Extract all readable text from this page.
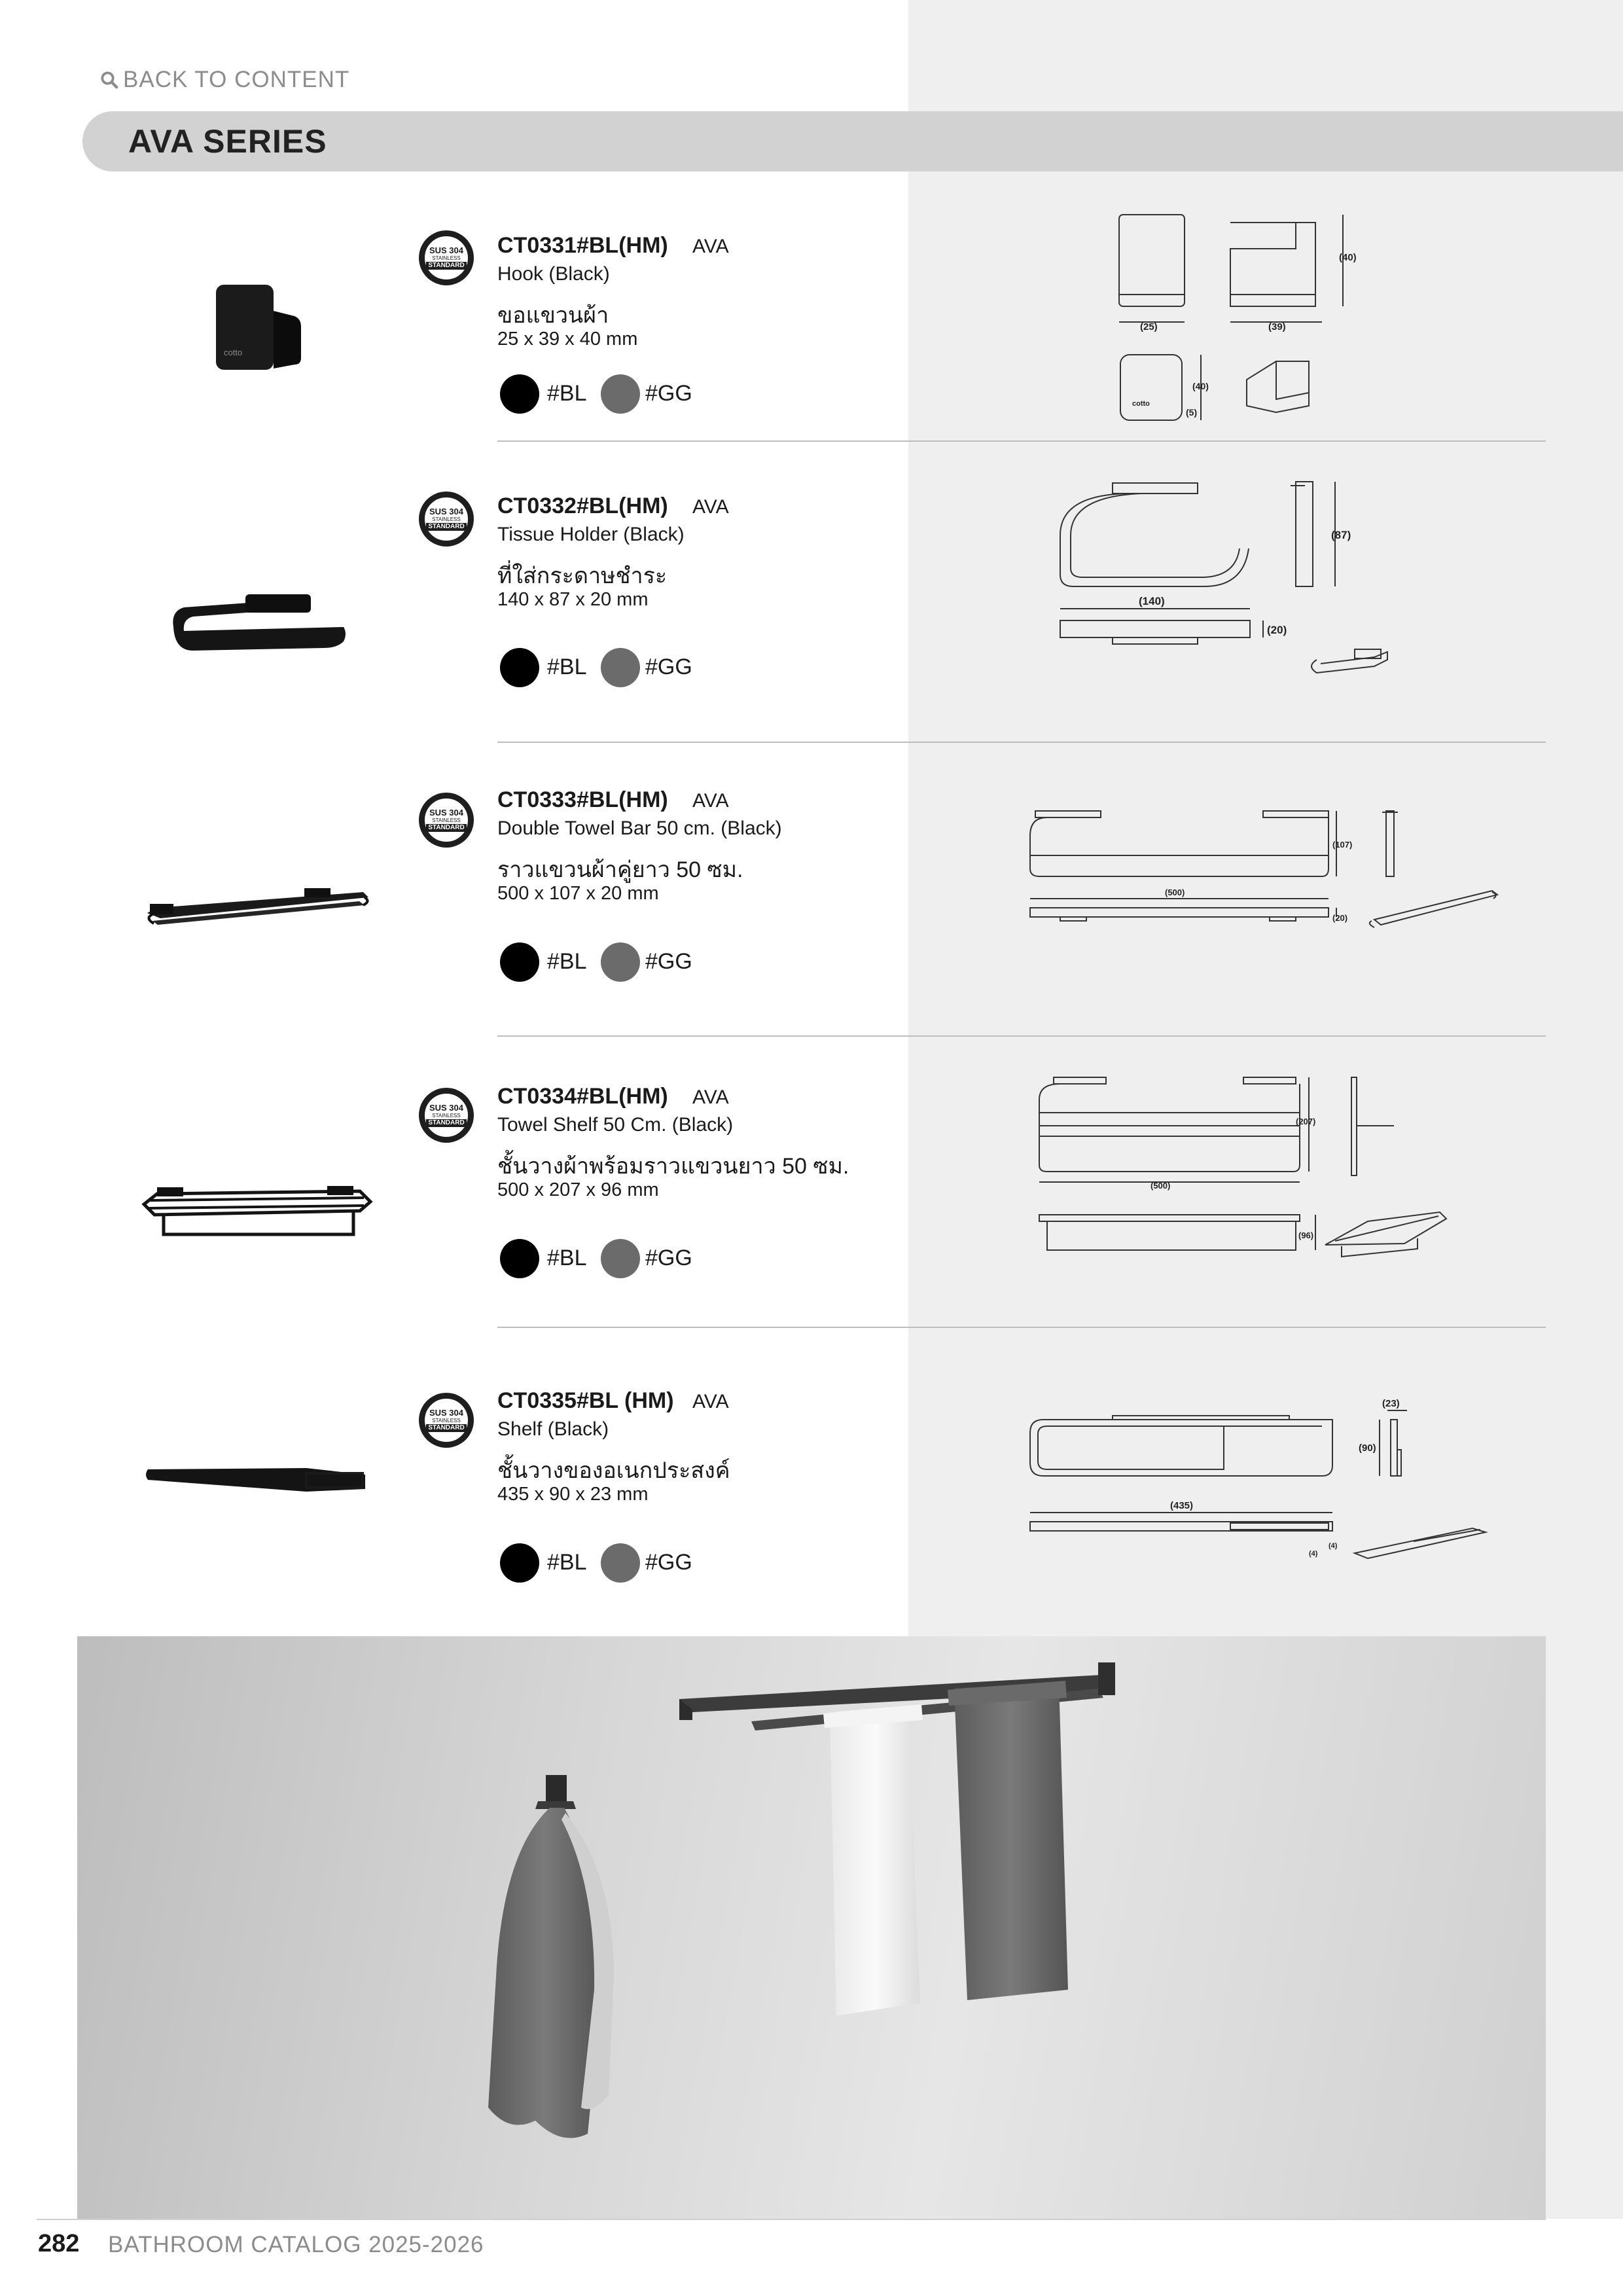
BACK TO CONTENT
AVA SERIES
cotto
SUS 304
STAINLESS
STANDARD
CT0331#BL(HM) AVA
Hook (Black)
ขอแขวนผ้า
25 x 39 x 40 mm
#BL	#GG
(25)	(39)
(40)
cotto
(40)
(5)
SUS 304
STAINLESS
STANDARD
CT0332#BL(HM) AVA
Tissue Holder (Black)
ที่ใส่กระดาษชำระ
140 x 87 x 20 mm
#BL	#GG
(87)
(140)
(20)
SUS 304
STAINLESS
STANDARD
CT0333#BL(HM) AVA
Double Towel Bar 50 cm. (Black)
ราวแขวนผ้าคู่ยาว 50 ซม.
500 x 107 x 20 mm
#BL	#GG
(107)
(500)
(20)
SUS 304
STAINLESS
STANDARD
CT0334#BL(HM) AVA
Towel Shelf 50 Cm. (Black)
ชั้นวางผ้าพร้อมราวแขวนยาว 50 ซม.
500 x 207 x 96 mm
#BL	#GG
(207)
(500)
(96)
SUS 304
STAINLESS
STANDARD
CT0335#BL (HM) AVA
Shelf (Black)
ชั้นวางของอเนกประสงค์
435 x 90 x 23 mm
#BL	#GG
(23)
(90)
(435)
(4)
(4)
282 BATHROOM CATALOG 2025-2026
